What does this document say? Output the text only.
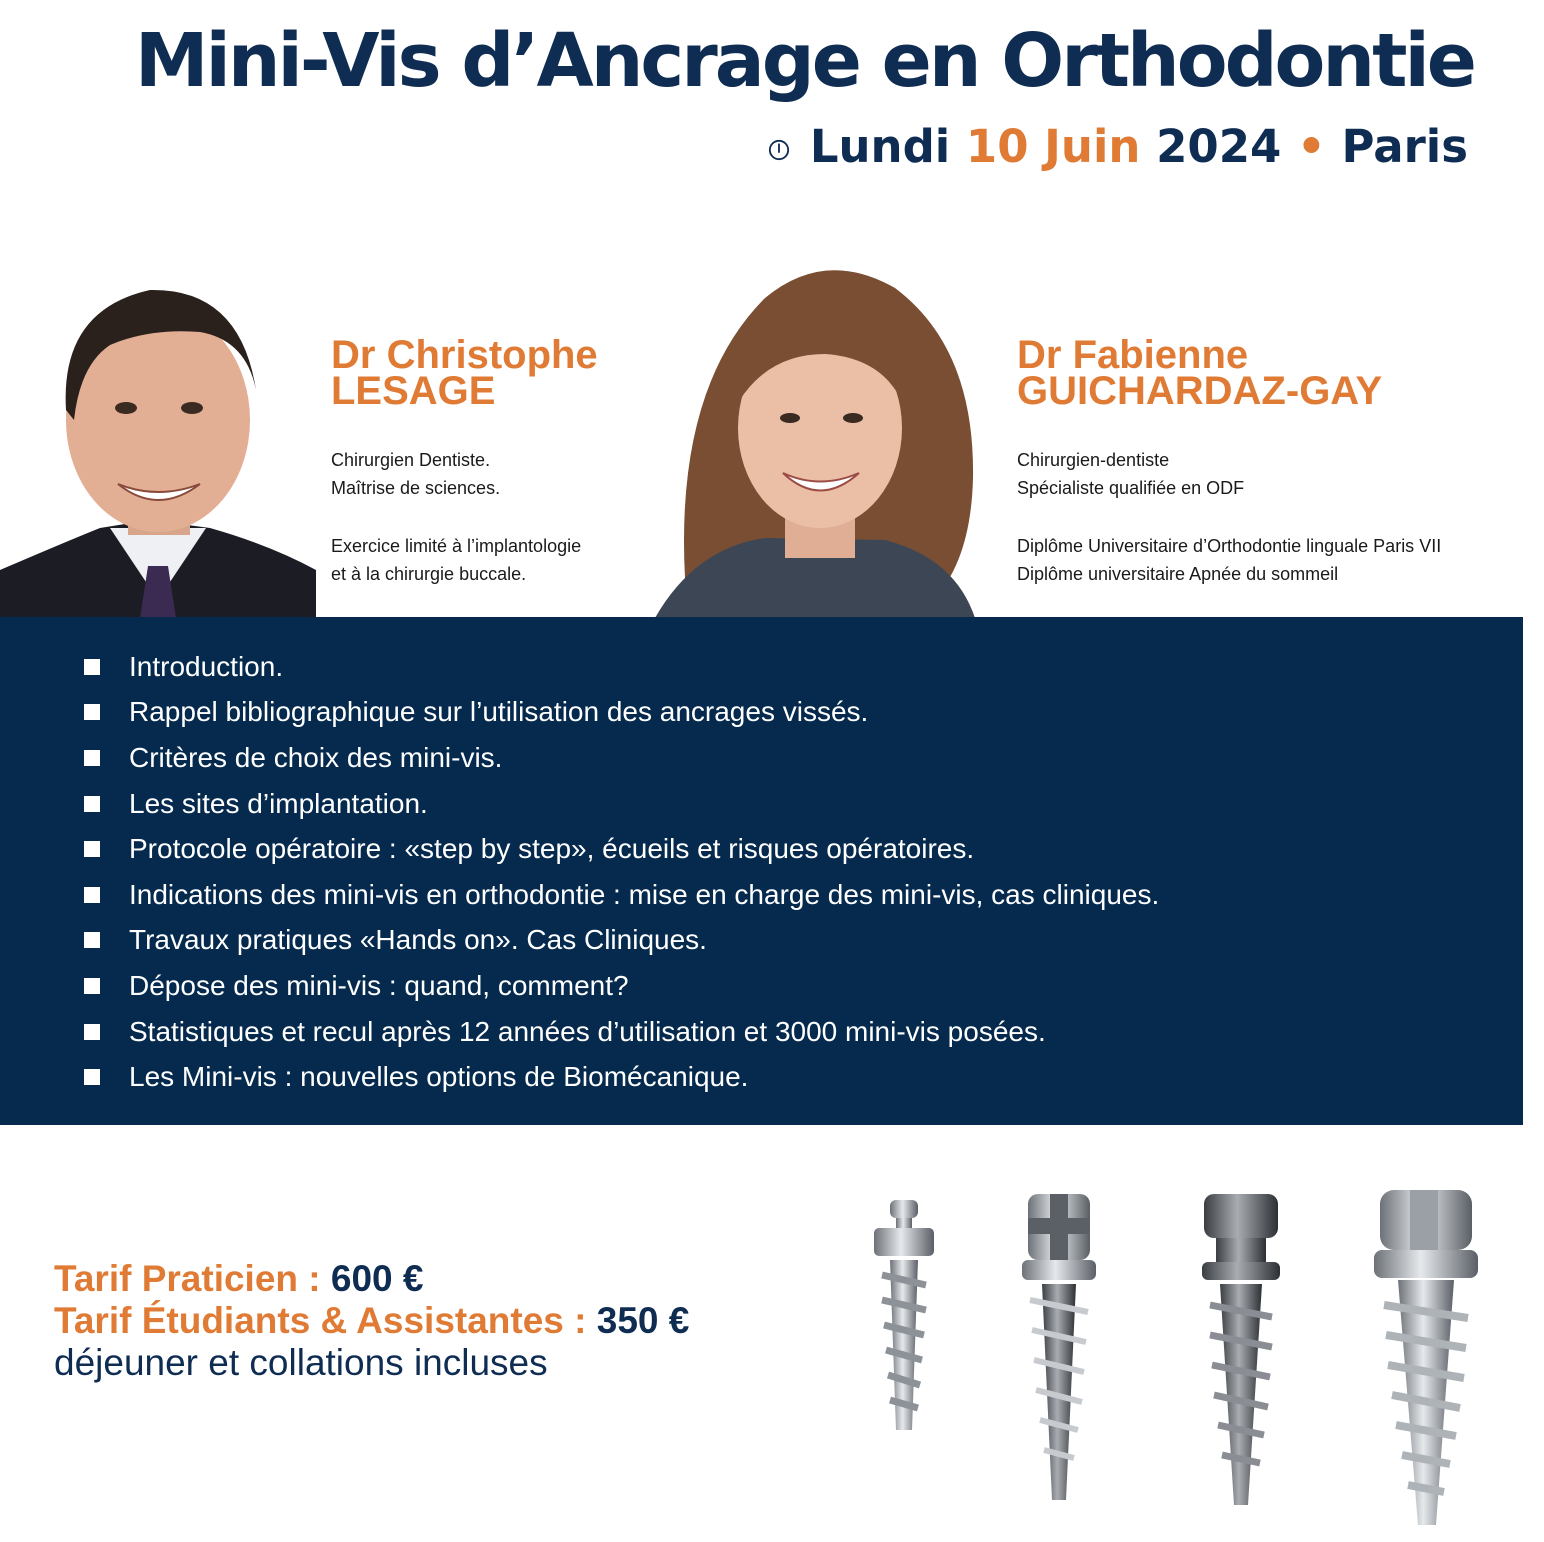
Mini-Vis d’Ancrage en Orthodontie
Lundi
10 Juin
2024
•
Paris
Dr Christophe
LESAGE
Chirurgien Dentiste.
Maîtrise de sciences.
Exercice limité à l’implantologie
et à la chirurgie buccale.
Dr Fabienne
GUICHARDAZ-GAY
Chirurgien-dentiste
Spécialiste qualifiée en ODF
Diplôme Universitaire d’Orthodontie linguale Paris VII
Diplôme universitaire Apnée du sommeil
Introduction.
Rappel bibliographique sur l’utilisation des ancrages vissés.
Critères de choix des mini-vis.
Les sites d’implantation.
Protocole opératoire : «step by step», écueils et risques opératoires.
Indications des mini-vis en orthodontie : mise en charge des mini-vis, cas cliniques.
Travaux pratiques «Hands on». Cas Cliniques.
Dépose des mini-vis : quand, comment?
Statistiques et recul après 12 années d’utilisation et 3000 mini-vis posées.
Les Mini-vis : nouvelles options de Biomécanique.
Tarif Praticien : 600 €
Tarif Étudiants & Assistantes : 350 €
déjeuner et collations incluses
